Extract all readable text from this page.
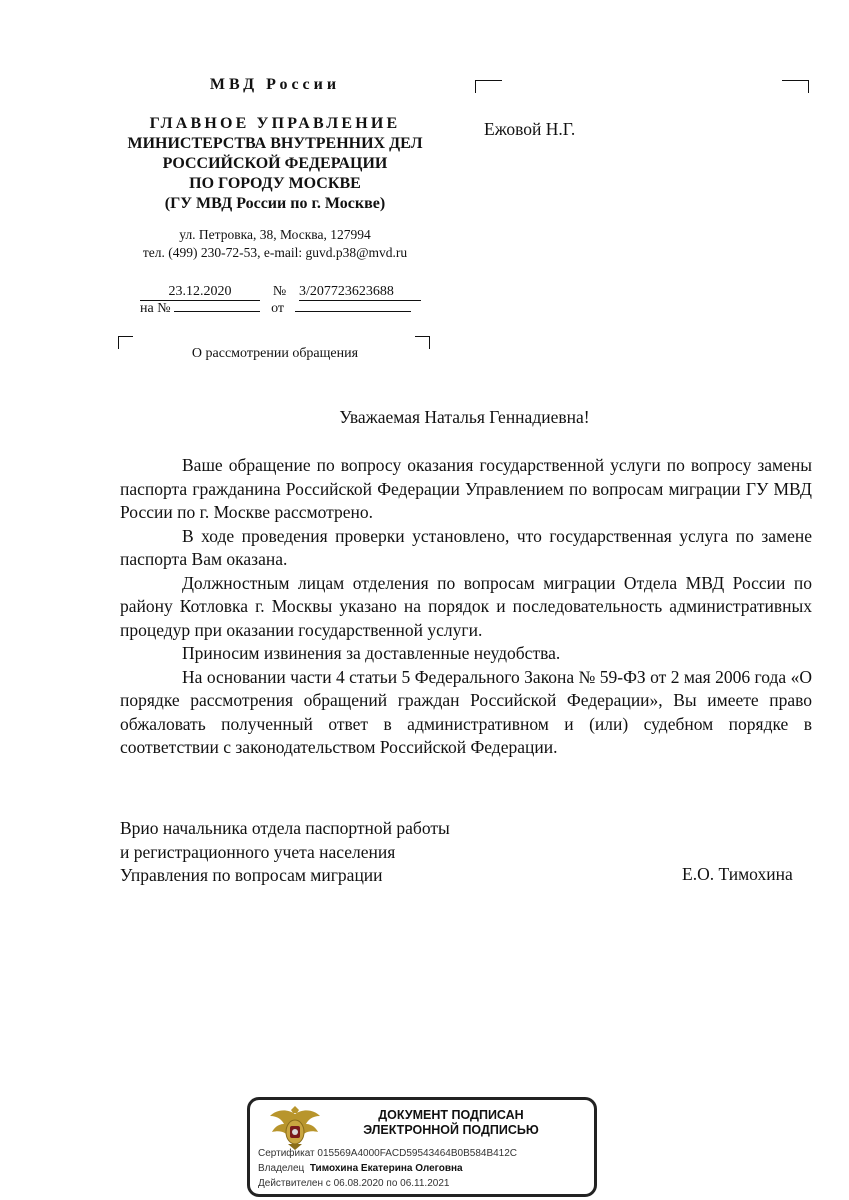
МВД России
ГЛАВНОЕ УПРАВЛЕНИЕ
МИНИСТЕРСТВА ВНУТРЕННИХ ДЕЛ
РОССИЙСКОЙ ФЕДЕРАЦИИ
ПО ГОРОДУ МОСКВЕ
(ГУ МВД России по г. Москве)
ул. Петровка, 38, Москва, 127994
тел. (499) 230-72-53, e-mail: guvd.p38@mvd.ru
23.12.2020	№ 3/207723623688
на №	от
О рассмотрении обращения
Ежовой Н.Г.
Уважаемая Наталья Геннадиевна!

Ваше обращение по вопросу оказания государственной услуги по вопросу замены паспорта гражданина Российской Федерации Управлением по вопросам миграции ГУ МВД России по г. Москве рассмотрено.

В ходе проведения проверки установлено, что государственная услуга по замене паспорта Вам оказана.

Должностным лицам отделения по вопросам миграции Отдела МВД России по району Котловка г. Москвы указано на порядок и последовательность административных процедур при оказании государственной услуги.

Приносим извинения за доставленные неудобства.

На основании части 4 статьи 5 Федерального Закона № 59-ФЗ от 2 мая 2006 года «О порядке рассмотрения обращений граждан Российской Федерации», Вы имеете право обжаловать полученный ответ в административном и (или) судебном порядке в соответствии с законодательством Российской Федерации.

Врио начальника отдела паспортной работы
и регистрационного учета населения
Управления по вопросам миграции	Е.О. Тимохина
ДОКУМЕНТ ПОДПИСАН
ЭЛЕКТРОННОЙ ПОДПИСЬЮ
Сертификат 015569A4000FACD59543464B0B584B412C
Владелец Тимохина Екатерина Олеговна
Действителен с 06.08.2020 по 06.11.2021
